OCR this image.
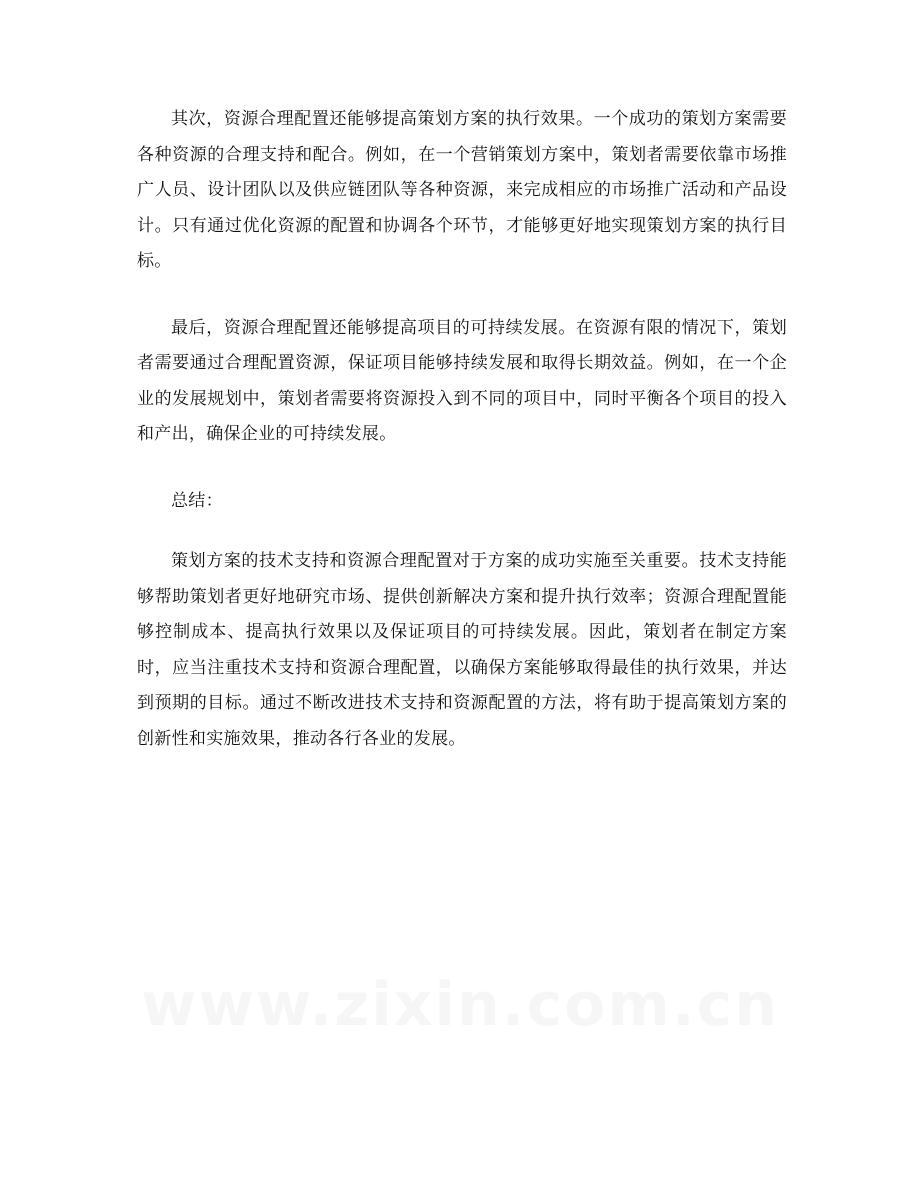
其次，资源合理配置还能够提高策划方案的执行效果。一个成功的策划方案需要各种资源的合理支持和配合。例如，在一个营销策划方案中，策划者需要依靠市场推广人员、设计团队以及供应链团队等各种资源，来完成相应的市场推广活动和产品设计。只有通过优化资源的配置和协调各个环节，才能够更好地实现策划方案的执行目标。

最后，资源合理配置还能够提高项目的可持续发展。在资源有限的情况下，策划者需要通过合理配置资源，保证项目能够持续发展和取得长期效益。例如，在一个企业的发展规划中，策划者需要将资源投入到不同的项目中，同时平衡各个项目的投入和产出，确保企业的可持续发展。

总结：

策划方案的技术支持和资源合理配置对于方案的成功实施至关重要。技术支持能够帮助策划者更好地研究市场、提供创新解决方案和提升执行效率；资源合理配置能够控制成本、提高执行效果以及保证项目的可持续发展。因此，策划者在制定方案时，应当注重技术支持和资源合理配置，以确保方案能够取得最佳的执行效果，并达到预期的目标。通过不断改进技术支持和资源配置的方法，将有助于提高策划方案的创新性和实施效果，推动各行各业的发展。
